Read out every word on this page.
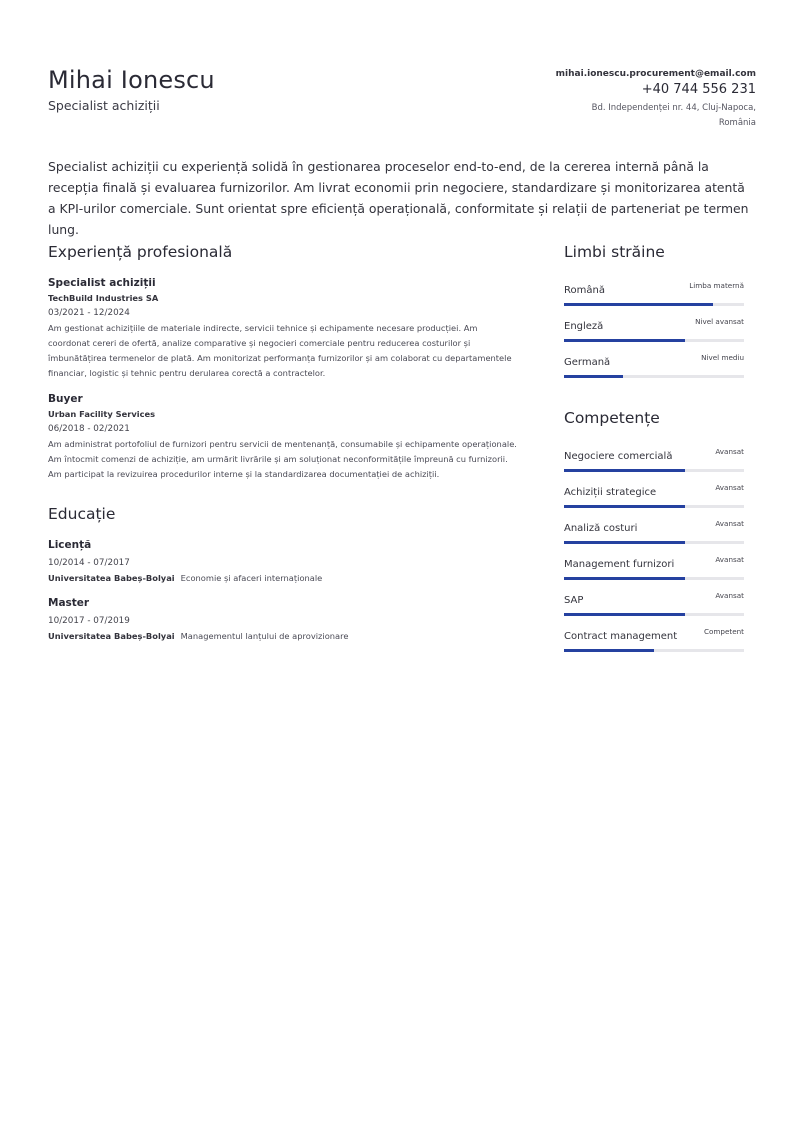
Mihai Ionescu
Specialist achiziții
mihai.ionescu.procurement@email.com
+40 744 556 231
Bd. Independenței nr. 44, Cluj-Napoca, România
Specialist achiziții cu experiență solidă în gestionarea proceselor end-to-end, de la cererea internă până la recepția finală și evaluarea furnizorilor. Am livrat economii prin negociere, standardizare și monitorizarea atentă a KPI-urilor comerciale. Sunt orientat spre eficiență operațională, conformitate și relații de parteneriat pe termen lung.
Experiență profesională
Specialist achiziții
TechBuild Industries SA
03/2021 - 12/2024
Am gestionat achizițiile de materiale indirecte, servicii tehnice și echipamente necesare producției. Am coordonat cereri de ofertă, analize comparative și negocieri comerciale pentru reducerea costurilor și îmbunătățirea termenelor de plată. Am monitorizat performanța furnizorilor și am colaborat cu departamentele financiar, logistic și tehnic pentru derularea corectă a contractelor.
Buyer
Urban Facility Services
06/2018 - 02/2021
Am administrat portofoliul de furnizori pentru servicii de mentenanță, consumabile și echipamente operaționale. Am întocmit comenzi de achiziție, am urmărit livrările și am soluționat neconformitățile împreună cu furnizorii. Am participat la revizuirea procedurilor interne și la standardizarea documentației de achiziții.
Educație
Licență
10/2014 - 07/2017
Universitatea Babeș-Bolyai Economie și afaceri internaționale
Master
10/2017 - 07/2019
Universitatea Babeș-Bolyai Managementul lanțului de aprovizionare
Limbi străine
Română	Limba maternă
Engleză	Nivel avansat
Germană	Nivel mediu
Competențe
Negociere comercială	Avansat
Achiziții strategice	Avansat
Analiză costuri	Avansat
Management furnizori	Avansat
SAP	Avansat
Contract management	Competent
